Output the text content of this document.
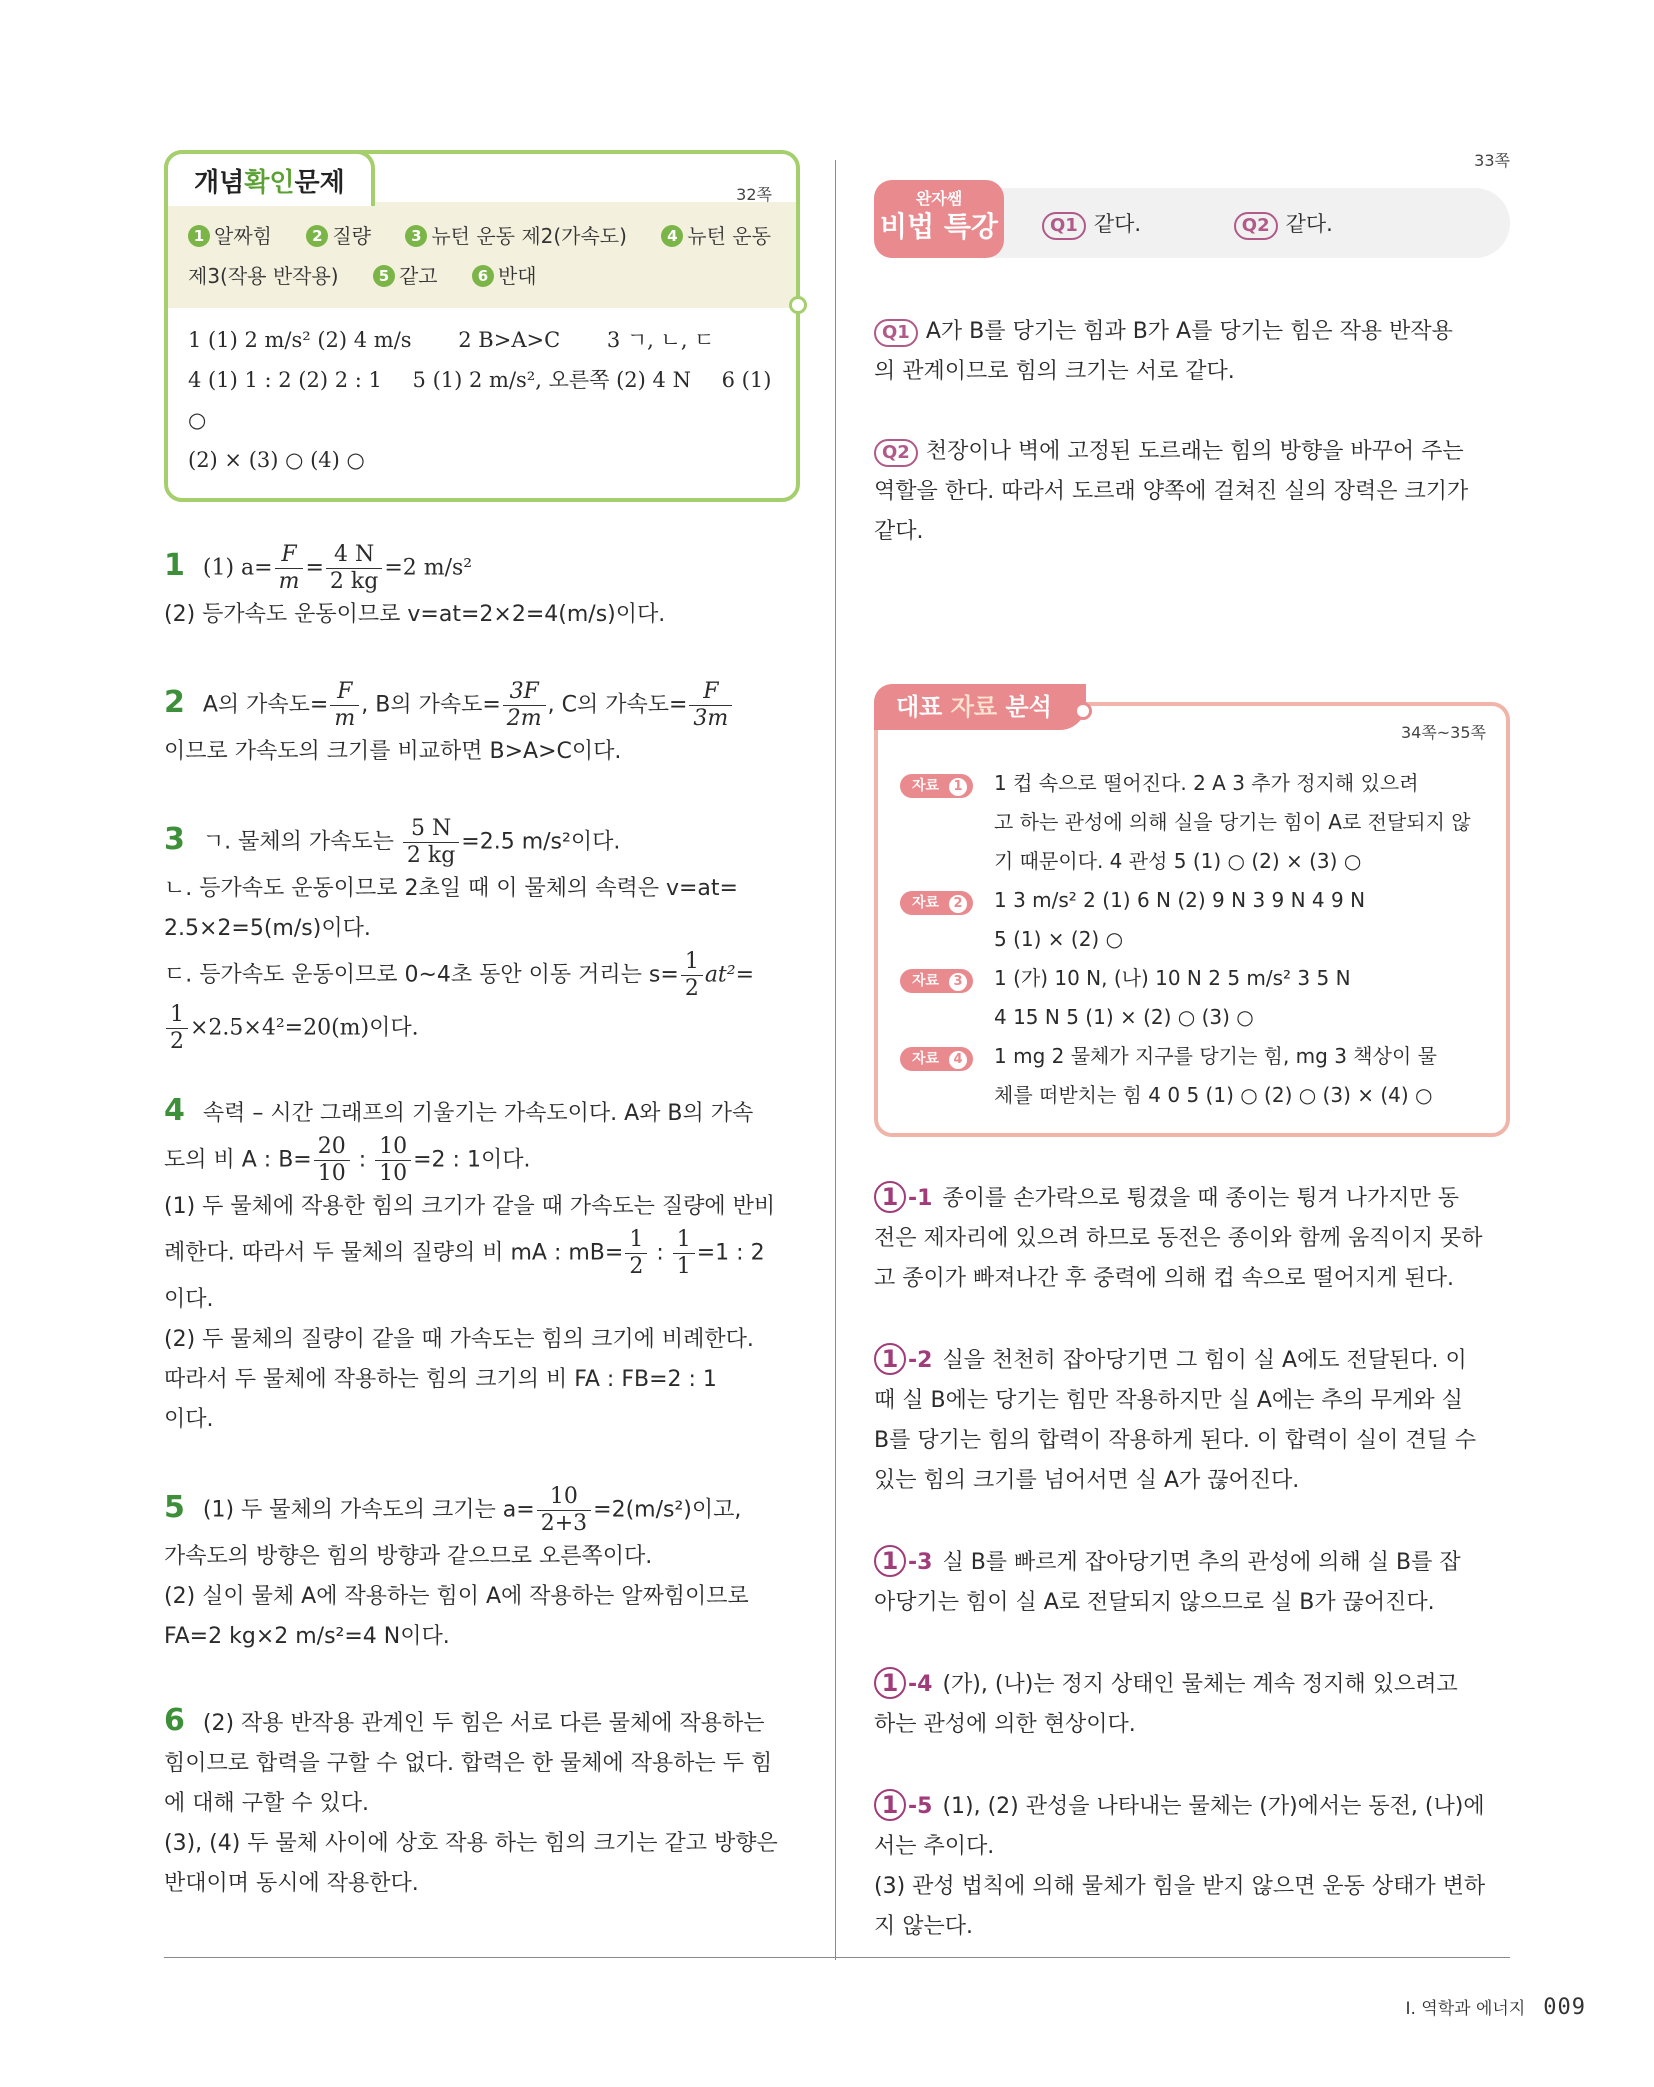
개념 확인 문제	32쪽
1 알짜힘	2 질량	3 뉴턴 운동 제2(가속도)	4 뉴턴 운동 제3(작용 반작용)	5 같고	6 반대
1 (1) 2 m/s² (2) 4 m/s 2 B>A>C 3 ㄱ, ㄴ, ㄷ
4 (1) 1 : 2 (2) 2 : 1 5 (1) 2 m/s², 오른쪽 (2) 4 N 6 (1) ○
(2) × (3) ○ (4) ○
1 (1) $a= \frac{F}{m} = \frac{4 N}{2 kg} =2$ m/s²
(2) 등가속도 운동이므로 v=at=2×2=4(m/s)이다.
2 A의 가속도= $\frac{F}{m}$ , B의 가속도= $\frac{3F}{2m}$ , C의 가속도= $\frac{F}{3m}$
이므로 가속도의 크기를 비교하면 B>A>C이다.
3 ㄱ. 물체의 가속도는 $\frac{5 N}{2 kg} =2.5$ m/s²이다.
ㄴ. 등가속도 운동이므로 2초일 때 이 물체의 속력은 v=at=
2.5×2=5(m/s)이다.
ㄷ. 등가속도 운동이므로 0~4초 동안 이동 거리는 $s= \frac{1}{2} at^2=$
$\frac{1}{2} \times 2.5\times 4^2=20(m)$이다.
4 속력 – 시간 그래프의 기울기는 가속도이다. A와 B의 가속
도의 비 A : $B= \frac{20}{10}$ : $\frac{10}{10} =2$ : 1이다.
(1) 두 물체에 작용한 힘의 크기가 같을 때 가속도는 질량에 반비
례한다. 따라서 두 물체의 질량의 비 mA : $mB= \frac{1}{2}$ : $\frac{1}{1} =1$ : 2
이다.
(2) 두 물체의 질량이 같을 때 가속도는 힘의 크기에 비례한다.
따라서 두 물체에 작용하는 힘의 크기의 비 FA : FB=2 : 1
이다.
5 (1) 두 물체의 가속도의 크기는 $a= \frac{10}{2+3} =2(m/s^2)$이고,
가속도의 방향은 힘의 방향과 같으므로 오른쪽이다.
(2) 실이 물체 A에 작용하는 힘이 A에 작용하는 알짜힘이므로
FA=2 kg×2 m/s²=4 N이다.
6 (2) 작용 반작용 관계인 두 힘은 서로 다른 물체에 작용하는
힘이므로 합력을 구할 수 없다. 합력은 한 물체에 작용하는 두 힘
에 대해 구할 수 있다.
(3), (4) 두 물체 사이에 상호 작용 하는 힘의 크기는 같고 방향은
반대이며 동시에 작용한다.
33쪽
완자쌤
비법 특강	Q1 같다.	Q2 같다.
Q1 A가 B를 당기는 힘과 B가 A를 당기는 힘은 작용 반작용
의 관계이므로 힘의 크기는 서로 같다.
Q2 천장이나 벽에 고정된 도르래는 힘의 방향을 바꾸어 주는
역할을 한다. 따라서 도르래 양쪽에 걸쳐진 실의 장력은 크기가
같다.
대표 자료 분석
34쪽~35쪽
자료 1	1 컵 속으로 떨어진다. 2 A 3 추가 정지해 있으려
고 하는 관성에 의해 실을 당기는 힘이 A로 전달되지 않
기 때문이다. 4 관성 5 (1) ○ (2) × (3) ○
자료 2	1 3 m/s² 2 (1) 6 N (2) 9 N 3 9 N 4 9 N
5 (1) × (2) ○
자료 3	1 (가) 10 N, (나) 10 N 2 5 m/s² 3 5 N
4 15 N 5 (1) × (2) ○ (3) ○
자료 4	1 mg 2 물체가 지구를 당기는 힘, mg 3 책상이 물
체를 떠받치는 힘 4 0 5 (1) ○ (2) ○ (3) × (4) ○
1 -1 종이를 손가락으로 튕겼을 때 종이는 튕겨 나가지만 동
전은 제자리에 있으려 하므로 동전은 종이와 함께 움직이지 못하
고 종이가 빠져나간 후 중력에 의해 컵 속으로 떨어지게 된다.
1 -2 실을 천천히 잡아당기면 그 힘이 실 A에도 전달된다. 이
때 실 B에는 당기는 힘만 작용하지만 실 A에는 추의 무게와 실
B를 당기는 힘의 합력이 작용하게 된다. 이 합력이 실이 견딜 수
있는 힘의 크기를 넘어서면 실 A가 끊어진다.
1 -3 실 B를 빠르게 잡아당기면 추의 관성에 의해 실 B를 잡
아당기는 힘이 실 A로 전달되지 않으므로 실 B가 끊어진다.
1 -4 (가), (나)는 정지 상태인 물체는 계속 정지해 있으려고
하는 관성에 의한 현상이다.
1 -5 (1), (2) 관성을 나타내는 물체는 (가)에서는 동전, (나)에
서는 추이다.
(3) 관성 법칙에 의해 물체가 힘을 받지 않으면 운동 상태가 변하
지 않는다.
Ⅰ. 역학과 에너지 009
